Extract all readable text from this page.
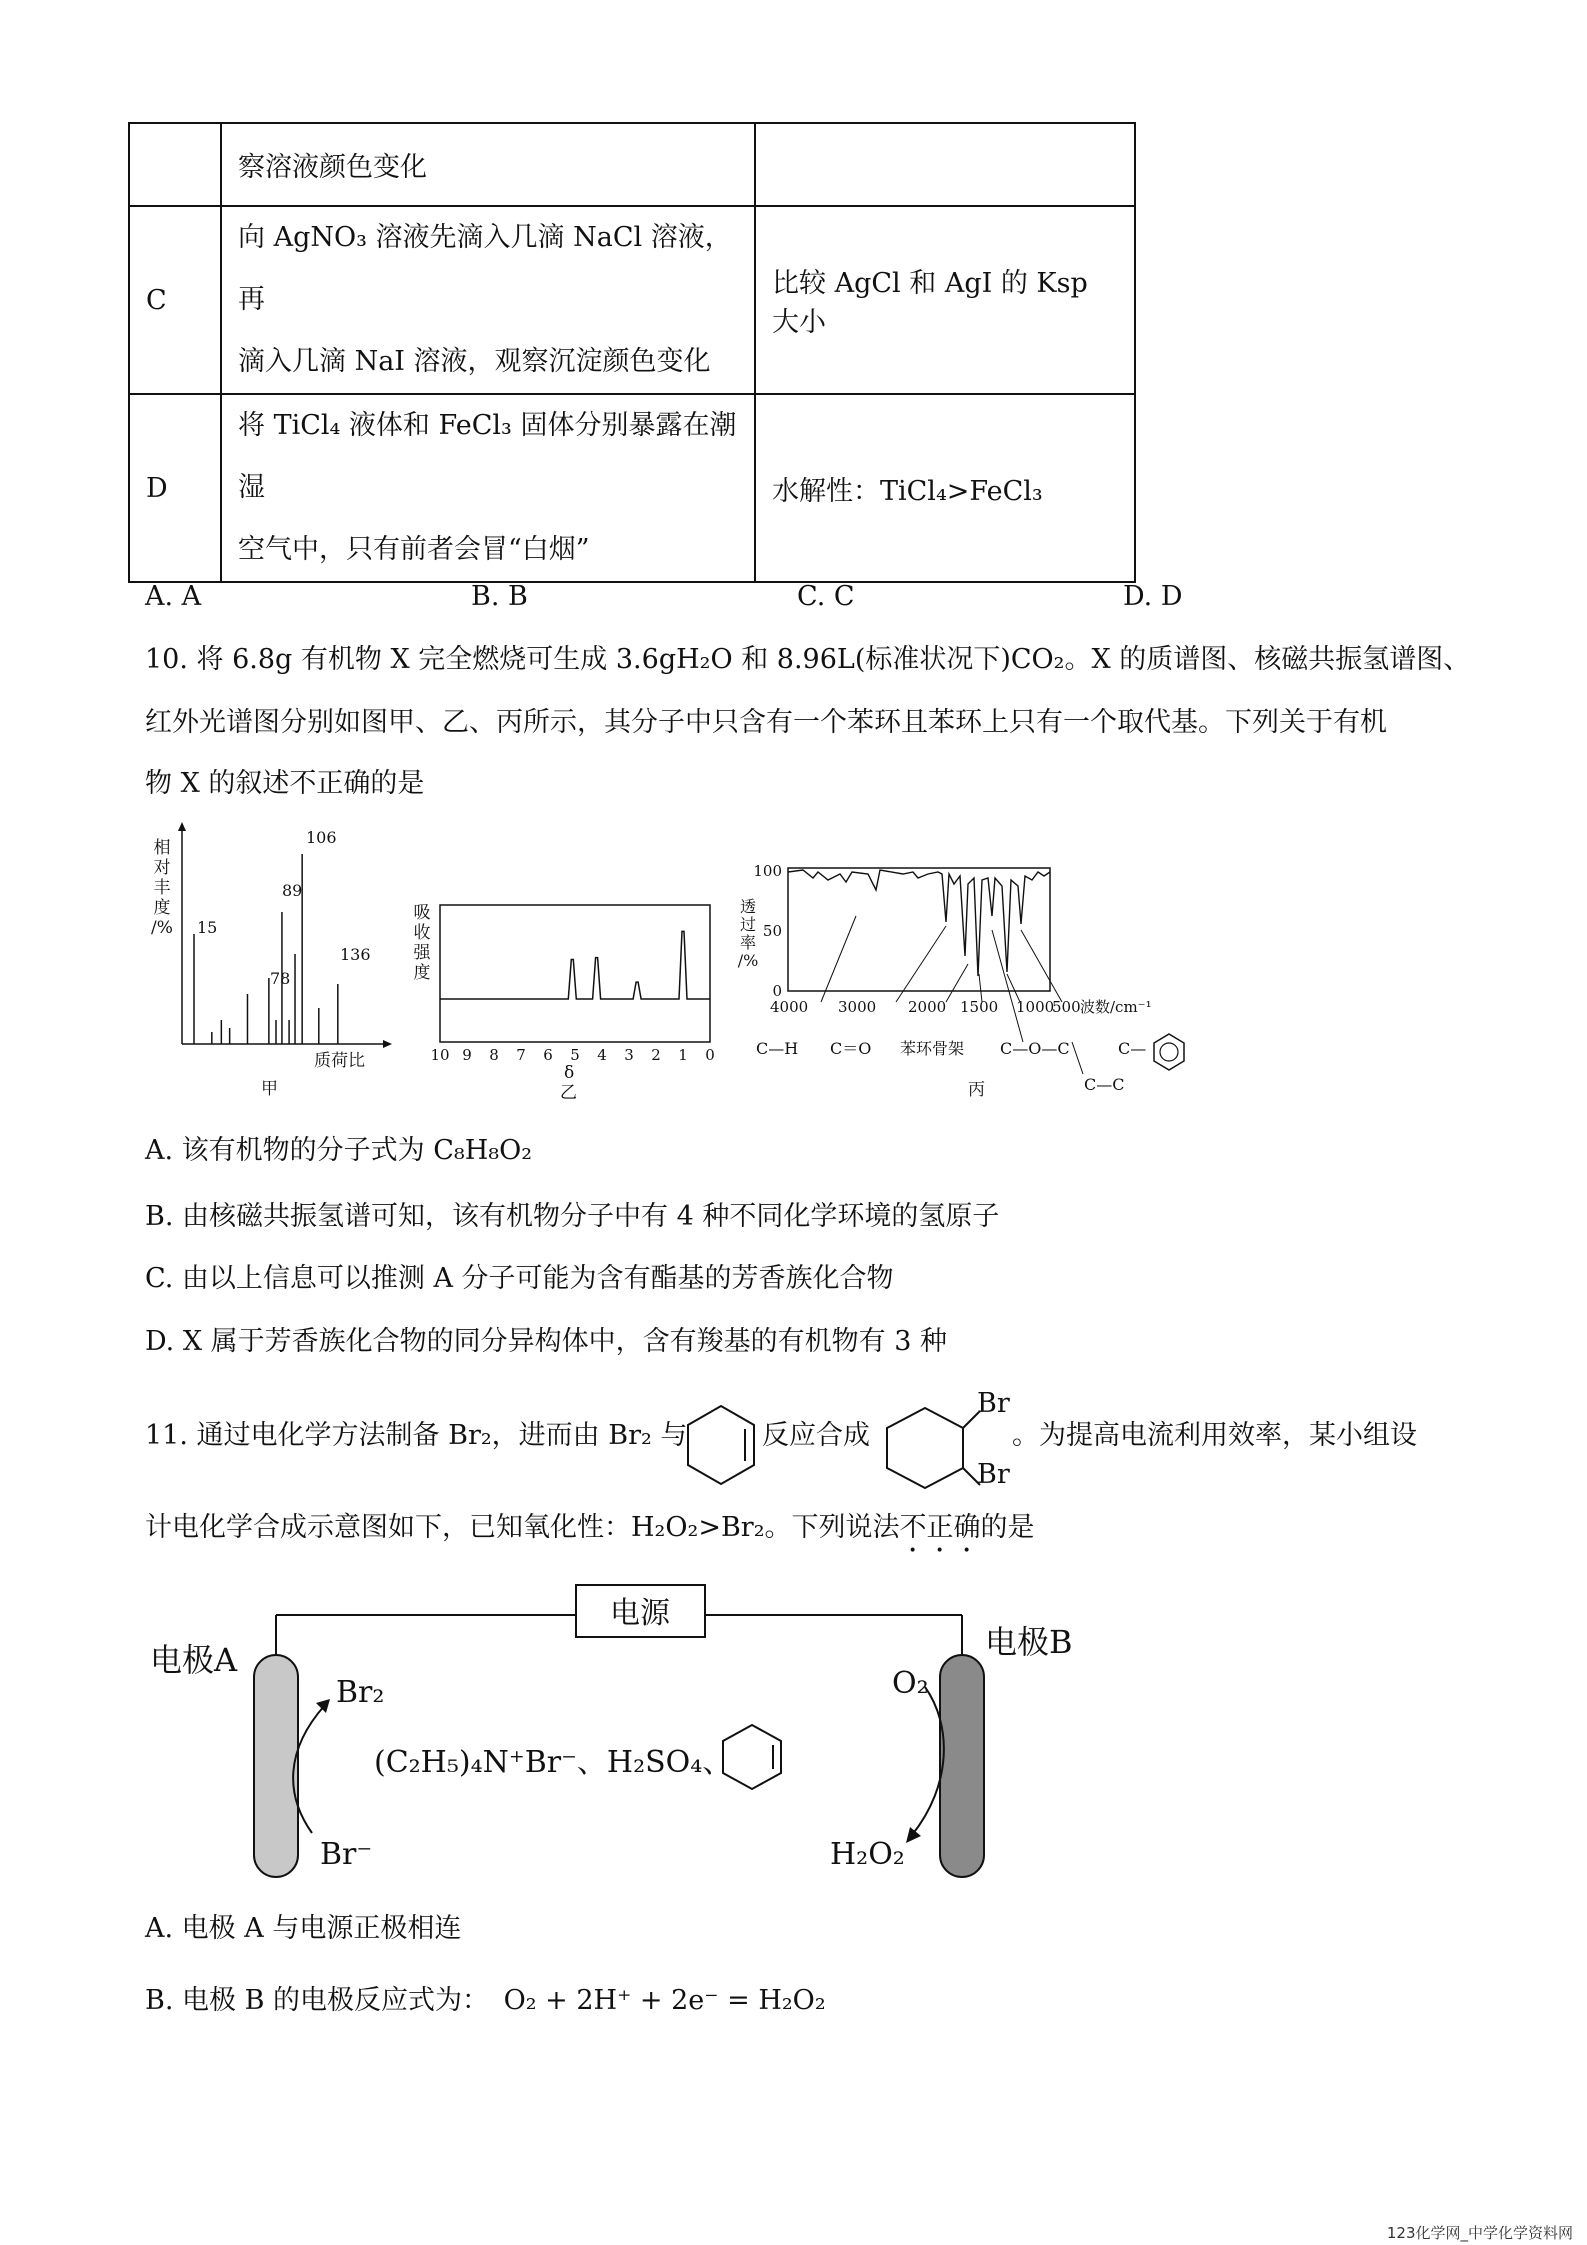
	察溶液颜色变化	
C	向 AgNO₃ 溶液先滴入几滴 NaCl 溶液，再
滴入几滴 NaI 溶液，观察沉淀颜色变化	比较 AgCl 和 AgI 的 Ksp 大小
D	将 TiCl₄ 液体和 FeCl₃ 固体分别暴露在潮湿
空气中，只有前者会冒“白烟”	水解性：TiCl₄>FeCl₃
A. A	B. B	C. C	D. D
10. 将 6.8g 有机物 X 完全燃烧可生成 3.6gH₂O 和 8.96L(标准状况下)CO₂。X 的质谱图、核磁共振氢谱图、
红外光谱图分别如图甲、乙、丙所示，其分子中只含有一个苯环且苯环上只有一个取代基。下列关于有机
物 X 的叙述不正确的是
相
对
丰
度
/% 15
78
89
106
136
质荷比
甲
吸
收
强
度
10 9 8 7 6 5 4 3 2 1 0
δ
乙
透
过
率
/%
100
50
0
4000 3000 2000 1500 1000
500 波数/cm⁻¹
C—H C＝O 苯环骨架 C—O—C
C—C
C—
丙
A. 该有机物的分子式为 C₈H₈O₂
B. 由核磁共振氢谱可知，该有机物分子中有 4 种不同化学环境的氢原子
C. 由以上信息可以推测 A 分子可能为含有酯基的芳香族化合物
D. X 属于芳香族化合物的同分异构体中，含有羧基的有机物有 3 种
11. 通过电化学方法制备 Br₂，进而由 Br₂ 与	反应合成
Br
Br
。为提高电流利用效率，某小组设
计电化学合成示意图如下，已知氧化性：H₂O₂>Br₂。下列说法不正确的是
电源
电极A	电极B
Br₂
Br⁻
O₂
H₂O₂
(C₂H₅)₄N⁺Br⁻、H₂SO₄、
A. 电极 A 与电源正极相连
B. 电极 B 的电极反应式为： O₂ + 2H⁺ + 2e⁻ = H₂O₂
123化学网_中学化学资料网
